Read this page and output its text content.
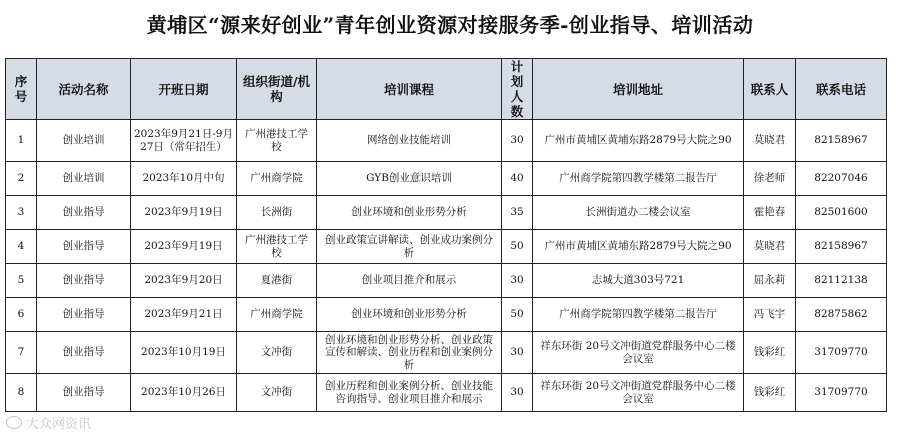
黄埔区“源来好创业”青年创业资源对接服务季-创业指导、培训活动
序号	活动名称	开班日期	组织街道/机构	培训课程	计划人数	培训地址	联系人	联系电话
1	创业培训	2023年9月21日-9月27日（常年招生）	广州港技工学校	网络创业技能培训	30	广州市黄埔区黄埔东路2879号大院之90	莫晓君	82158967
2	创业培训	2023年10月中旬	广州商学院	GYB创业意识培训	40	广州商学院第四教学楼第二报告厅	徐老师	82207046
3	创业指导	2023年9月19日	长洲街	创业环境和创业形势分析	35	长洲街道办二楼会议室	霍艳春	82501600
4	创业指导	2023年9月19日	广州港技工学校	创业政策宣讲解读、创业成功案例分析	50	广州市黄埔区黄埔东路2879号大院之90	莫晓君	82158967
5	创业指导	2023年9月20日	夏港街	创业项目推介和展示	30	志城大道303号721	屈永莉	82112138
6	创业指导	2023年9月21日	广州商学院	创业环境和创业形势分析	50	广州商学院第四教学楼第二报告厅	冯飞宇	82875862
7	创业指导	2023年10月19日	文冲街	创业环境和创业形势分析、创业政策宣传和解读、创业历程和创业案例分析	30	祥东环街 20号文冲街道党群服务中心二楼会议室	钱彩红	31709770
8	创业指导	2023年10月26日	文冲街	创业历程和创业案例分析、创业技能咨询指导、创业项目推介和展示	30	祥东环街 20号文冲街道党群服务中心二楼会议室	钱彩红	31709770
大众网资讯
